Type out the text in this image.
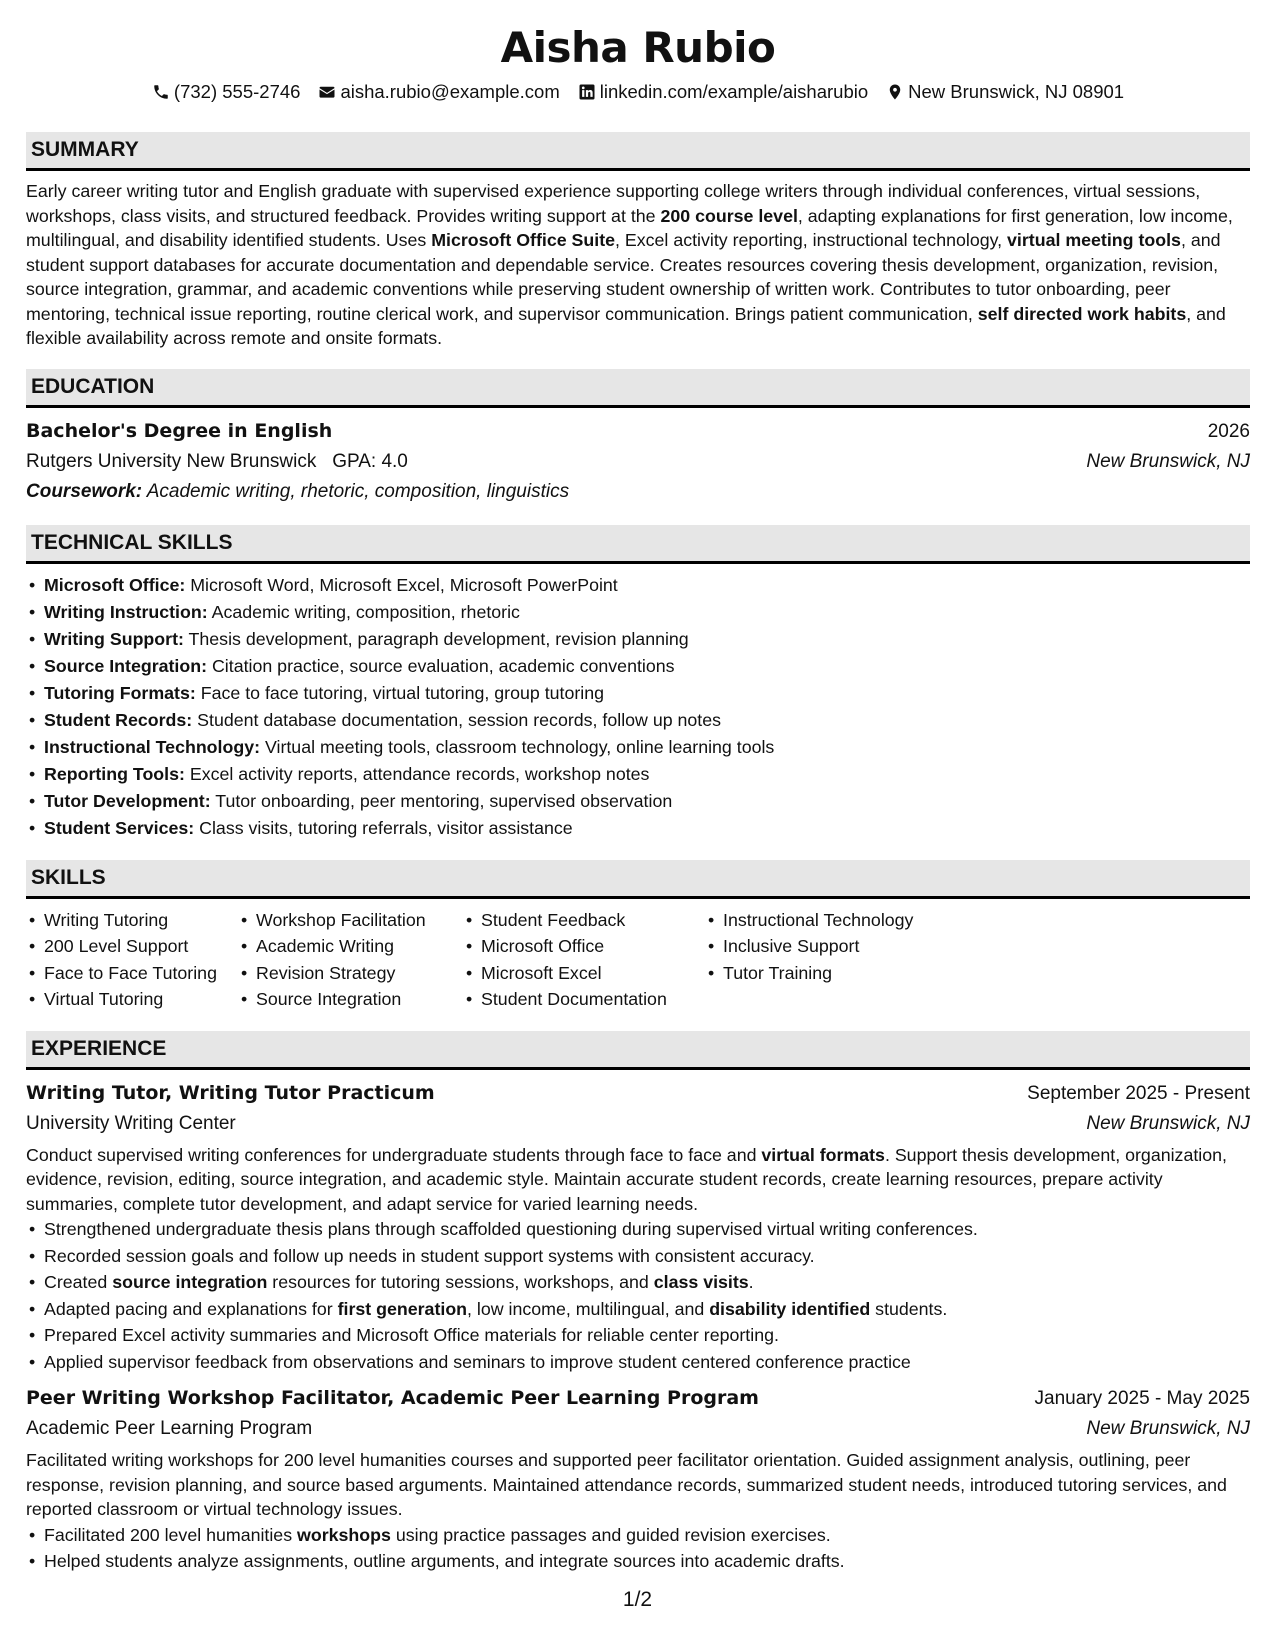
Aisha Rubio
(732) 555-2746 aisha.rubio@example.com linkedin.com/example/aisharubio New Brunswick, NJ 08901
SUMMARY

Early career writing tutor and English graduate with supervised experience supporting college writers through individual conferences, virtual sessions, workshops, class visits, and structured feedback. Provides writing support at the 200 course level, adapting explanations for first generation, low income, multilingual, and disability identified students. Uses Microsoft Office Suite, Excel activity reporting, instructional technology, virtual meeting tools, and student support databases for accurate documentation and dependable service. Creates resources covering thesis development, organization, revision, source integration, grammar, and academic conventions while preserving student ownership of written work. Contributes to tutor onboarding, peer mentoring, technical issue reporting, routine clerical work, and supervisor communication. Brings patient communication, self directed work habits, and flexible availability across remote and onsite formats.

EDUCATION
Bachelor's Degree in English	2026
Rutgers University New Brunswick   GPA: 4.0	New Brunswick, NJ
Coursework: Academic writing, rhetoric, composition, linguistics
TECHNICAL SKILLS
• Microsoft Office: Microsoft Word, Microsoft Excel, Microsoft PowerPoint
• Writing Instruction: Academic writing, composition, rhetoric
• Writing Support: Thesis development, paragraph development, revision planning
• Source Integration: Citation practice, source evaluation, academic conventions
• Tutoring Formats: Face to face tutoring, virtual tutoring, group tutoring
• Student Records: Student database documentation, session records, follow up notes
• Instructional Technology: Virtual meeting tools, classroom technology, online learning tools
• Reporting Tools: Excel activity reports, attendance records, workshop notes
• Tutor Development: Tutor onboarding, peer mentoring, supervised observation
• Student Services: Class visits, tutoring referrals, visitor assistance
SKILLS
• Writing Tutoring
• 200 Level Support
• Face to Face Tutoring
• Virtual Tutoring
• Workshop Facilitation
• Academic Writing
• Revision Strategy
• Source Integration
• Student Feedback
• Microsoft Office
• Microsoft Excel
• Student Documentation
• Instructional Technology
• Inclusive Support
• Tutor Training
EXPERIENCE
Writing Tutor, Writing Tutor Practicum	September 2025 - Present
University Writing Center	New Brunswick, NJ

Conduct supervised writing conferences for undergraduate students through face to face and virtual formats. Support thesis development, organization, evidence, revision, editing, source integration, and academic style. Maintain accurate student records, create learning resources, prepare activity summaries, complete tutor development, and adapt service for varied learning needs.

• Strengthened undergraduate thesis plans through scaffolded questioning during supervised virtual writing conferences.
• Recorded session goals and follow up needs in student support systems with consistent accuracy.
• Created source integration resources for tutoring sessions, workshops, and class visits.
• Adapted pacing and explanations for first generation, low income, multilingual, and disability identified students.
• Prepared Excel activity summaries and Microsoft Office materials for reliable center reporting.
• Applied supervisor feedback from observations and seminars to improve student centered conference practice
Peer Writing Workshop Facilitator, Academic Peer Learning Program	January 2025 - May 2025
Academic Peer Learning Program	New Brunswick, NJ

Facilitated writing workshops for 200 level humanities courses and supported peer facilitator orientation. Guided assignment analysis, outlining, peer response, revision planning, and source based arguments. Maintained attendance records, summarized student needs, introduced tutoring services, and reported classroom or virtual technology issues.

• Facilitated 200 level humanities workshops using practice passages and guided revision exercises.
• Helped students analyze assignments, outline arguments, and integrate sources into academic drafts.
1/2
